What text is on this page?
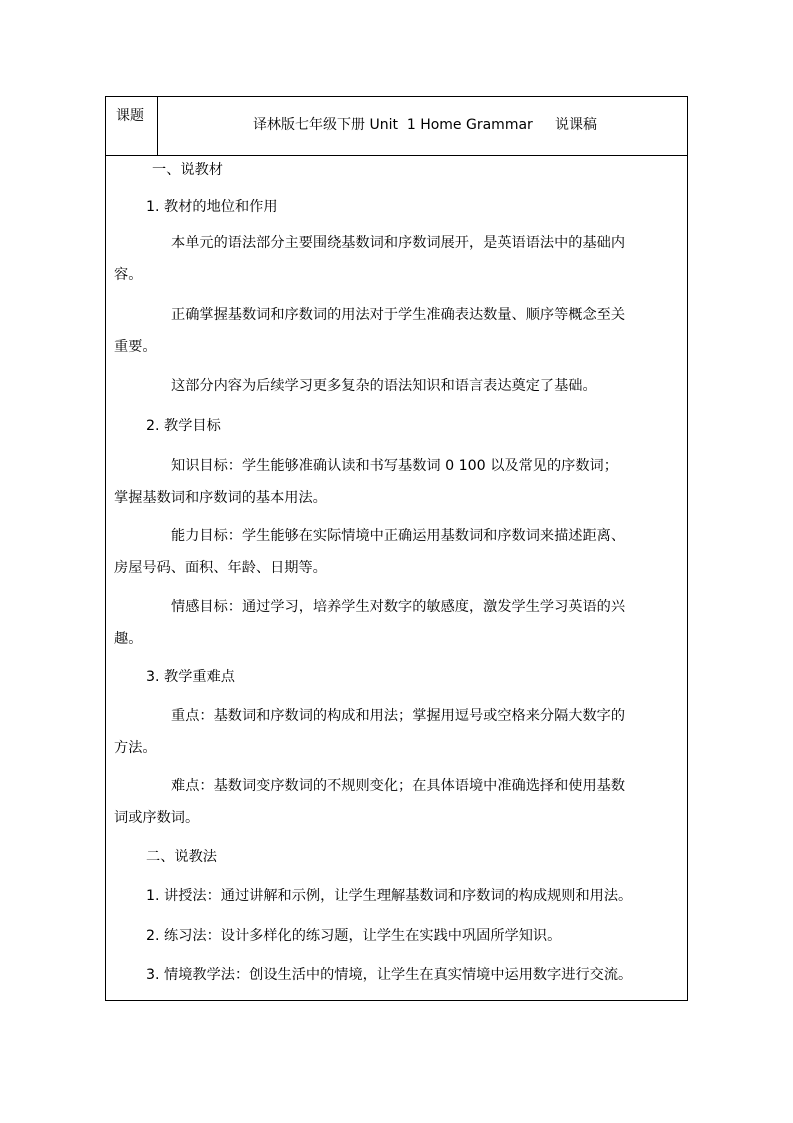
课题
译林版七年级下册 Unit  1 Home Grammar     说课稿
一、说教材
1. 教材的地位和作用
本单元的语法部分主要围绕基数词和序数词展开，是英语语法中的基础内
容。
正确掌握基数词和序数词的用法对于学生准确表达数量、顺序等概念至关
重要。
这部分内容为后续学习更多复杂的语法知识和语言表达奠定了基础。
2. 教学目标
知识目标：学生能够准确认读和书写基数词 0 100 以及常见的序数词；
掌握基数词和序数词的基本用法。
能力目标：学生能够在实际情境中正确运用基数词和序数词来描述距离、
房屋号码、面积、年龄、日期等。
情感目标：通过学习，培养学生对数字的敏感度，激发学生学习英语的兴
趣。
3. 教学重难点
重点：基数词和序数词的构成和用法；掌握用逗号或空格来分隔大数字的
方法。
难点：基数词变序数词的不规则变化；在具体语境中准确选择和使用基数
词或序数词。
二、说教法
1. 讲授法：通过讲解和示例，让学生理解基数词和序数词的构成规则和用法。
2. 练习法：设计多样化的练习题，让学生在实践中巩固所学知识。
3. 情境教学法：创设生活中的情境，让学生在真实情境中运用数字进行交流。
